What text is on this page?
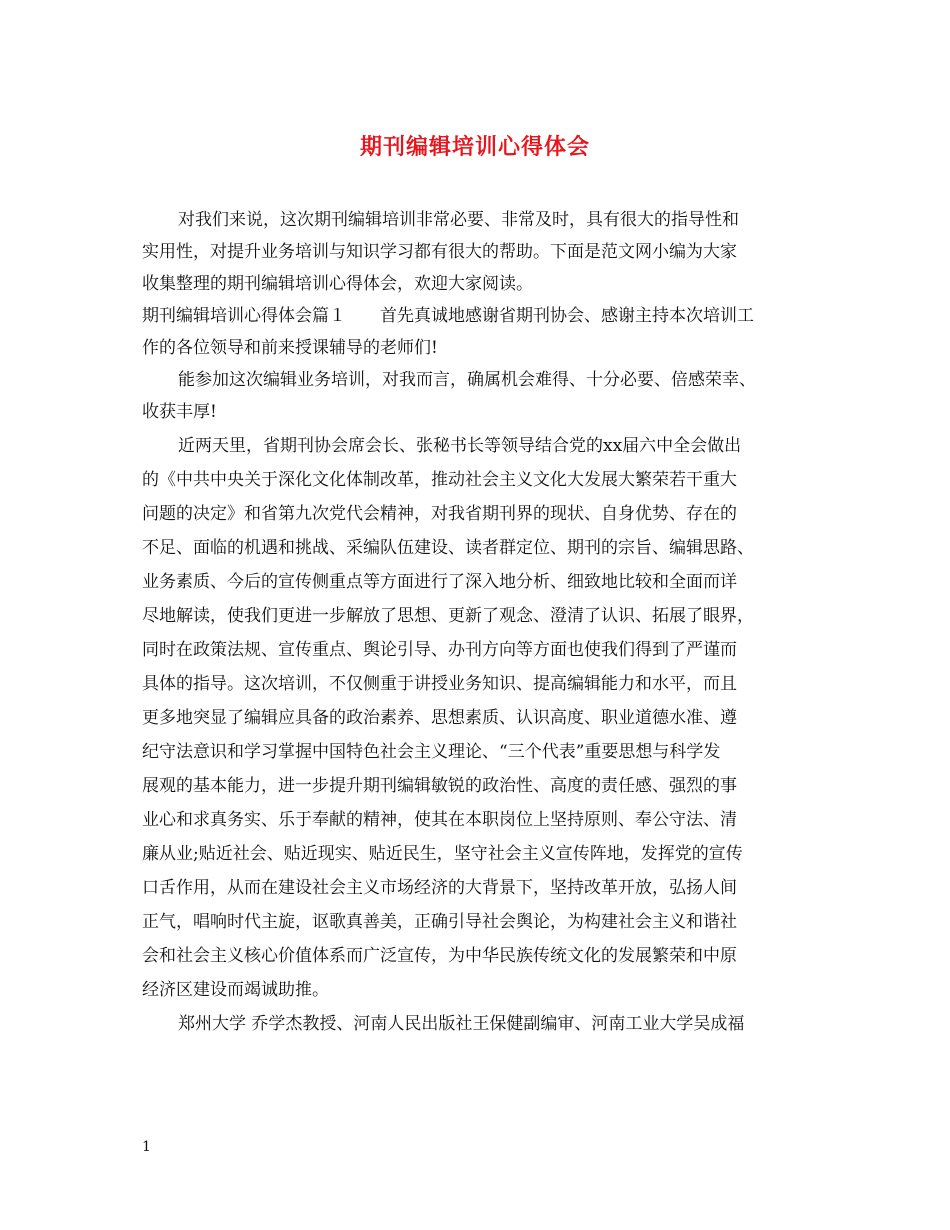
期刊编辑培训心得体会
对我们来说，这次期刊编辑培训非常必要、非常及时，具有很大的指导性和
实用性，对提升业务培训与知识学习都有很大的帮助。下面是范文网小编为大家
收集整理的期刊编辑培训心得体会，欢迎大家阅读。
期刊编辑培训心得体会篇１　　首先真诚地感谢省期刊协会、感谢主持本次培训工
作的各位领导和前来授课辅导的老师们!
能参加这次编辑业务培训，对我而言，确属机会难得、十分必要、倍感荣幸、
收获丰厚!
近两天里，省期刊协会席会长、张秘书长等领导结合党的xx届六中全会做出
的《中共中央关于深化文化体制改革，推动社会主义文化大发展大繁荣若干重大
问题的决定》和省第九次党代会精神，对我省期刊界的现状、自身优势、存在的
不足、面临的机遇和挑战、采编队伍建设、读者群定位、期刊的宗旨、编辑思路、
业务素质、今后的宣传侧重点等方面进行了深入地分析、细致地比较和全面而详
尽地解读，使我们更进一步解放了思想、更新了观念、澄清了认识、拓展了眼界，
同时在政策法规、宣传重点、舆论引导、办刊方向等方面也使我们得到了严谨而
具体的指导。这次培训，不仅侧重于讲授业务知识、提高编辑能力和水平，而且
更多地突显了编辑应具备的政治素养、思想素质、认识高度、职业道德水准、遵
纪守法意识和学习掌握中国特色社会主义理论、“三个代表”重要思想与科学发
展观的基本能力，进一步提升期刊编辑敏锐的政治性、高度的责任感、强烈的事
业心和求真务实、乐于奉献的精神，使其在本职岗位上坚持原则、奉公守法、清
廉从业;贴近社会、贴近现实、贴近民生，坚守社会主义宣传阵地，发挥党的宣传
口舌作用，从而在建设社会主义市场经济的大背景下，坚持改革开放，弘扬人间
正气，唱响时代主旋，讴歌真善美，正确引导社会舆论，为构建社会主义和谐社
会和社会主义核心价值体系而广泛宣传，为中华民族传统文化的发展繁荣和中原
经济区建设而竭诚助推。
郑州大学 乔学杰教授、河南人民出版社王保健副编审、河南工业大学吴成福
1
